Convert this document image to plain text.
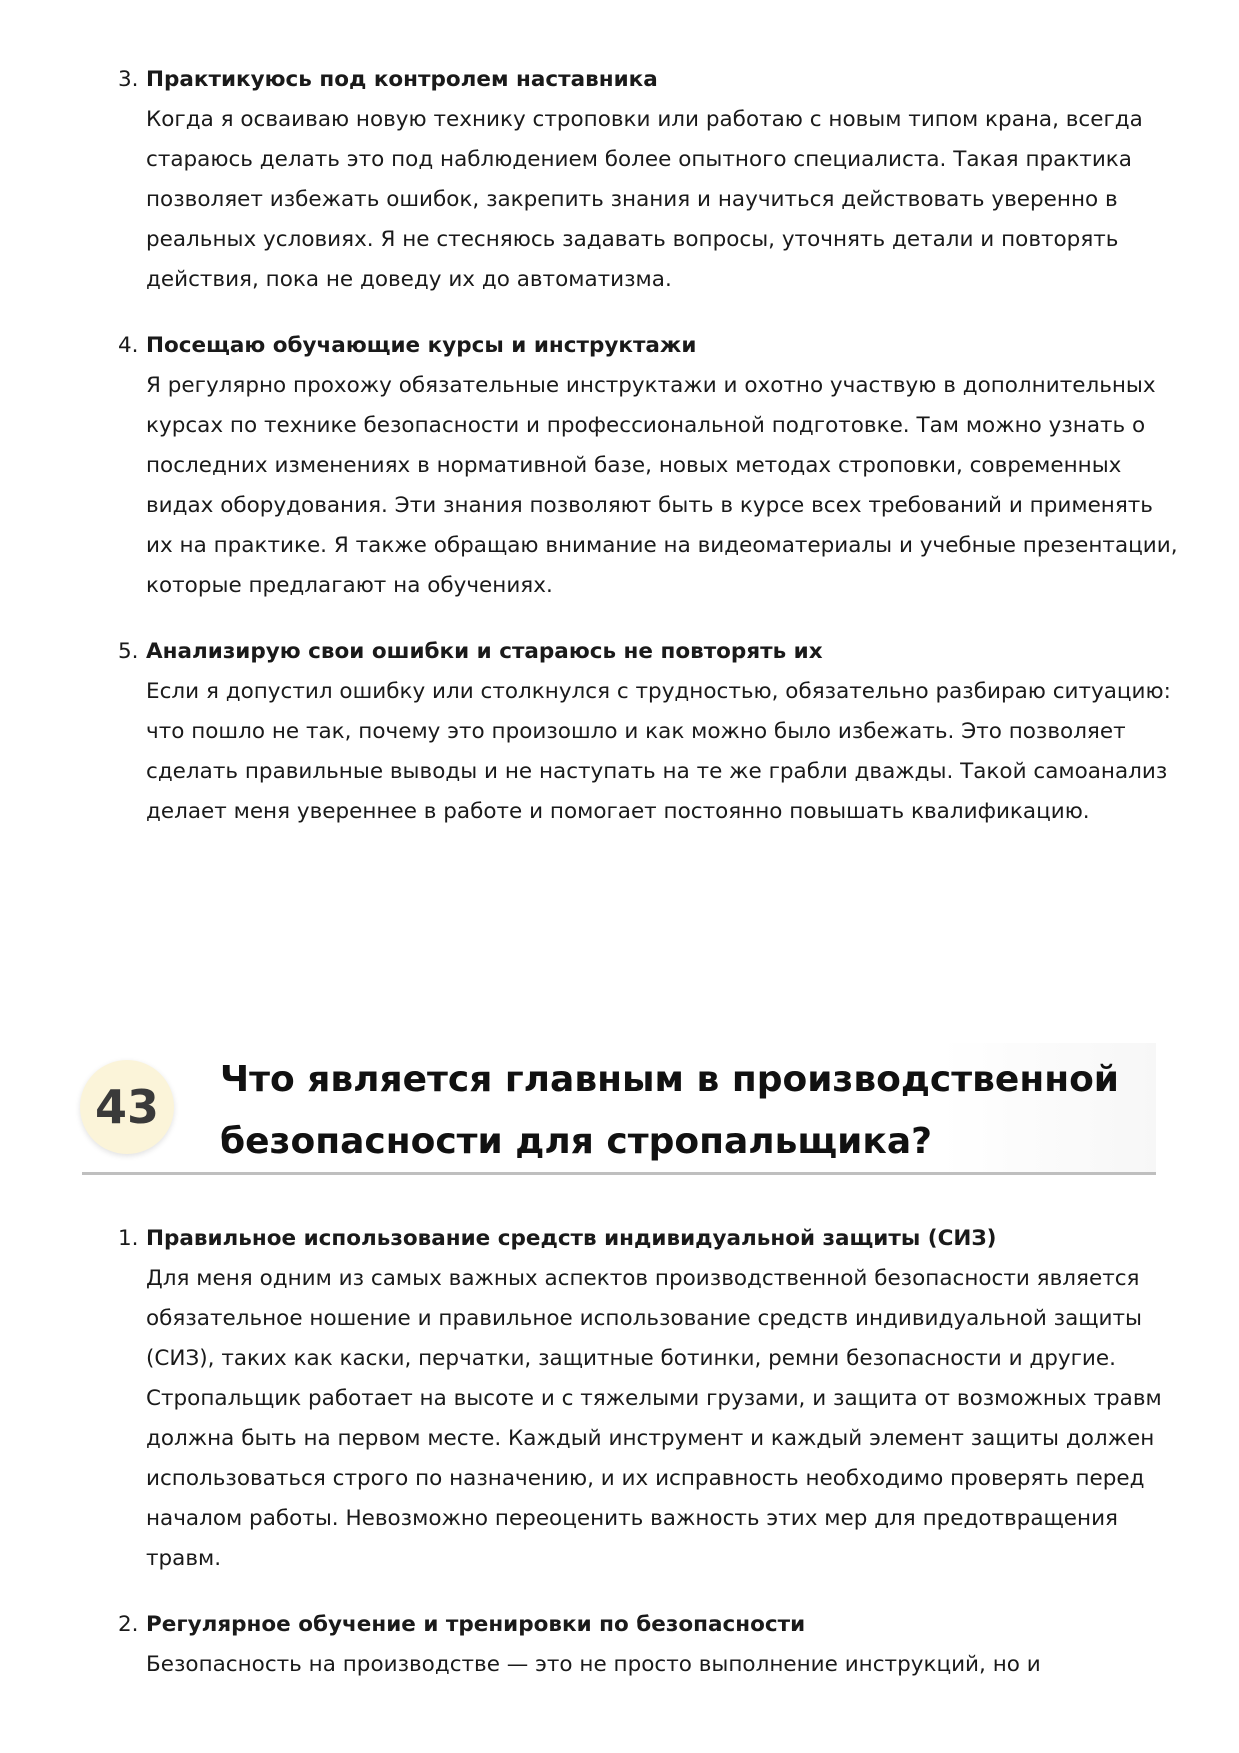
3. Практикуюсь под контролем наставника

Когда я осваиваю новую технику строповки или работаю с новым типом крана, всегда стараюсь делать это под наблюдением более опытного специалиста. Такая практика позволяет избежать ошибок, закрепить знания и научиться действовать уверенно в реальных условиях. Я не стесняюсь задавать вопросы, уточнять детали и повторять действия, пока не доведу их до автоматизма.

4. Посещаю обучающие курсы и инструктажи

Я регулярно прохожу обязательные инструктажи и охотно участвую в дополнительных курсах по технике безопасности и профессиональной подготовке. Там можно узнать о последних изменениях в нормативной базе, новых методах строповки, современных видах оборудования. Эти знания позволяют быть в курсе всех требований и применять их на практике. Я также обращаю внимание на видеоматериалы и учебные презентации, которые предлагают на обучениях.

5. Анализирую свои ошибки и стараюсь не повторять их

Если я допустил ошибку или столкнулся с трудностью, обязательно разбираю ситуацию: что пошло не так, почему это произошло и как можно было избежать. Это позволяет сделать правильные выводы и не наступать на те же грабли дважды. Такой самоанализ делает меня увереннее в работе и помогает постоянно повышать квалификацию.

43
Что является главным в производственной безопасности для стропальщика?
1. Правильное использование средств индивидуальной защиты (СИЗ)

Для меня одним из самых важных аспектов производственной безопасности является обязательное ношение и правильное использование средств индивидуальной защиты (СИЗ), таких как каски, перчатки, защитные ботинки, ремни безопасности и другие. Стропальщик работает на высоте и с тяжелыми грузами, и защита от возможных травм должна быть на первом месте. Каждый инструмент и каждый элемент защиты должен использоваться строго по назначению, и их исправность необходимо проверять перед началом работы. Невозможно переоценить важность этих мер для предотвращения травм.

2. Регулярное обучение и тренировки по безопасности

Безопасность на производстве — это не просто выполнение инструкций, но и
